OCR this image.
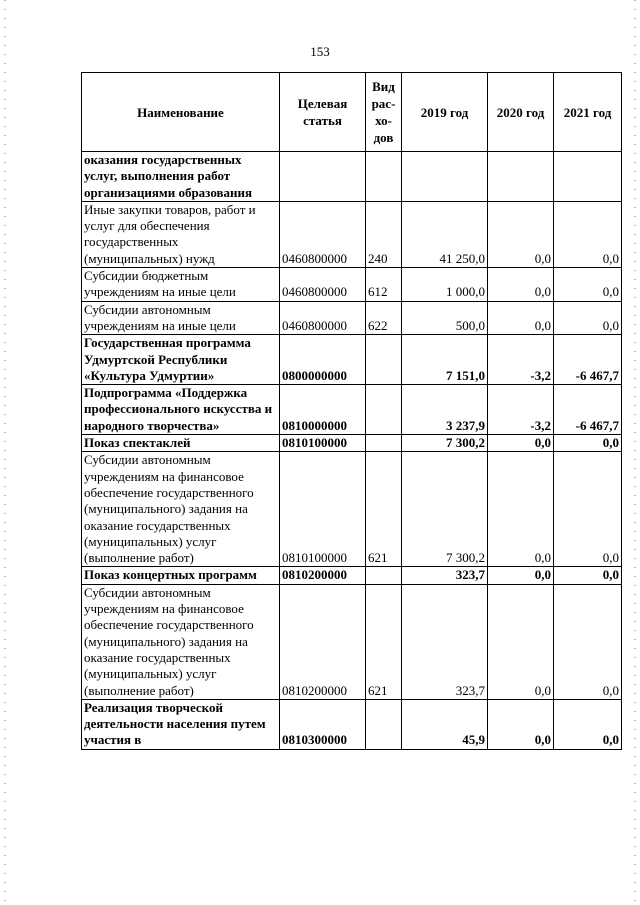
153
Наименование	Целевая статья	Вид рас-хо-дов	2019 год	2020 год	2021 год
оказания государственных услуг, выполнения работ организациями образования					
Иные закупки товаров, работ и услуг для обеспечения государственных (муниципальных) нужд	0460800000	240	41 250,0	0,0	0,0
Субсидии бюджетным учреждениям на иные цели	0460800000	612	1 000,0	0,0	0,0
Субсидии автономным учреждениям на иные цели	0460800000	622	500,0	0,0	0,0
Государственная программа Удмуртской Республики «Культура Удмуртии»	0800000000		7 151,0	-3,2	-6 467,7
Подпрограмма «Поддержка профессионального искусства и народного творчества»	0810000000		3 237,9	-3,2	-6 467,7
Показ спектаклей	0810100000		7 300,2	0,0	0,0
Субсидии автономным учреждениям на финансовое обеспечение государственного (муниципального) задания на оказание государственных (муниципальных) услуг (выполнение работ)	0810100000	621	7 300,2	0,0	0,0
Показ концертных программ	0810200000		323,7	0,0	0,0
Субсидии автономным учреждениям на финансовое обеспечение государственного (муниципального) задания на оказание государственных (муниципальных) услуг (выполнение работ)	0810200000	621	323,7	0,0	0,0
Реализация творческой деятельности населения путем участия в	0810300000		45,9	0,0	0,0
